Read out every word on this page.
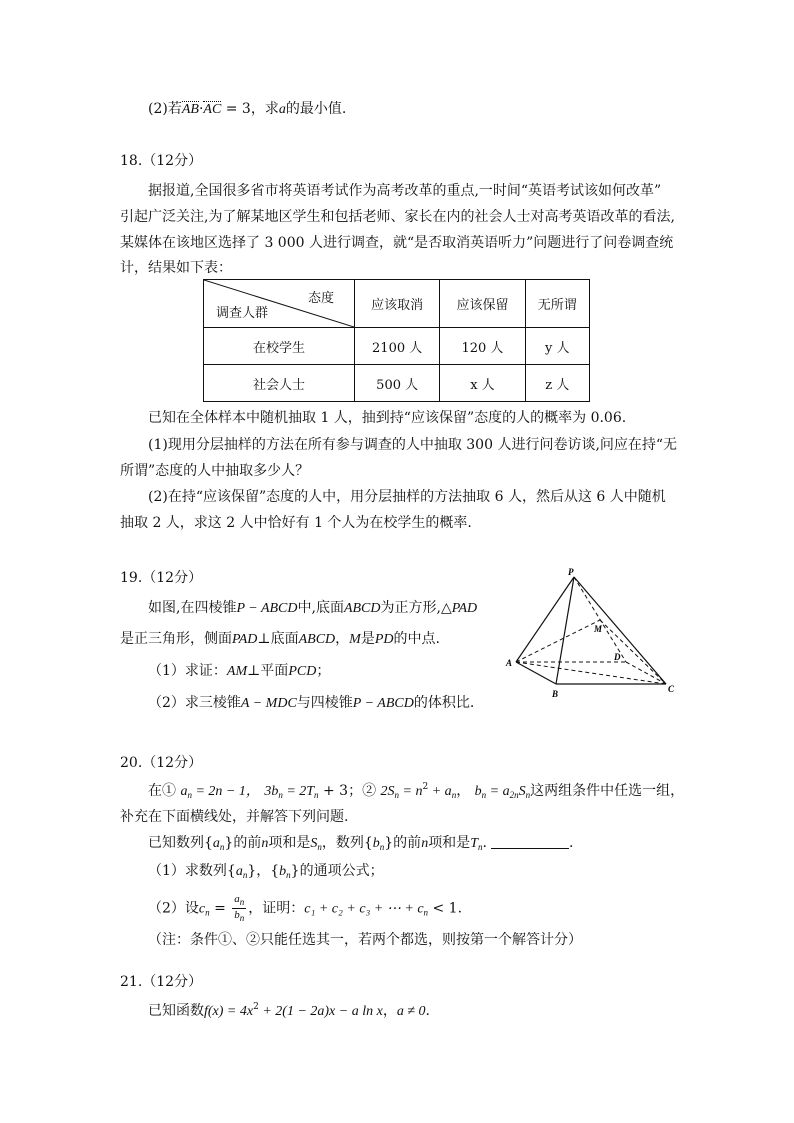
(2)若AB·AC = 3，求a的最小值.
18.（12分）
据报道,全国很多省市将英语考试作为高考改革的重点,一时间“英语考试该如何改革”
引起广泛关注,为了解某地区学生和包括老师、家长在内的社会人士对高考英语改革的看法,
某媒体在该地区选择了 3 000 人进行调查，就“是否取消英语听力”问题进行了问卷调查统
计，结果如下表：
态度
调查人群	应该取消	应该保留	无所谓
在校学生	2100 人	120 人	y 人
社会人士	500 人	x 人	z 人
已知在全体样本中随机抽取 1 人，抽到持“应该保留”态度的人的概率为 0.06.
(1)现用分层抽样的方法在所有参与调查的人中抽取 300 人进行问卷访谈,问应在持“无
所谓”态度的人中抽取多少人？
(2)在持“应该保留”态度的人中，用分层抽样的方法抽取 6 人，然后从这 6 人中随机
抽取 2 人，求这 2 人中恰好有 1 个人为在校学生的概率.
19.（12分）
如图,在四棱锥P − ABCD中,底面ABCD为正方形,△PAD
是正三角形，侧面PAD⊥底面ABCD，M是PD的中点.
（1）求证：AM⊥平面PCD；
（2）求三棱锥A − MDC与四棱锥P − ABCD的体积比.
P
M
D
A
B	C
20.（12分）
在① $a_n = 2n - 1$， $3b_n = 2T_n + 3$；② $2S_n = n^2 + a_n$， $b_n = a_{2n}S_n$这两组条件中任选一组，
补充在下面横线处，并解答下列问题.
已知数列$\{a_n\}$的前n项和是$S_n$，数列$\{b_n\}$的前n项和是$T_n$.	.
（1）求数列$\{a_n\}$，$\{b_n\}$的通项公式；
（2）设$c_n = \frac{a_n}{b_n}$ ，证明：c₁ + c₂ + c₃ + ⋯ + $c_n < 1$.
（注：条件①、②只能任选其一，若两个都选，则按第一个解答计分）
21.（12分）
已知函数$f(x) = 4x^2 + 2(1 - 2a)x - a$ ln x，a ≠ 0.
